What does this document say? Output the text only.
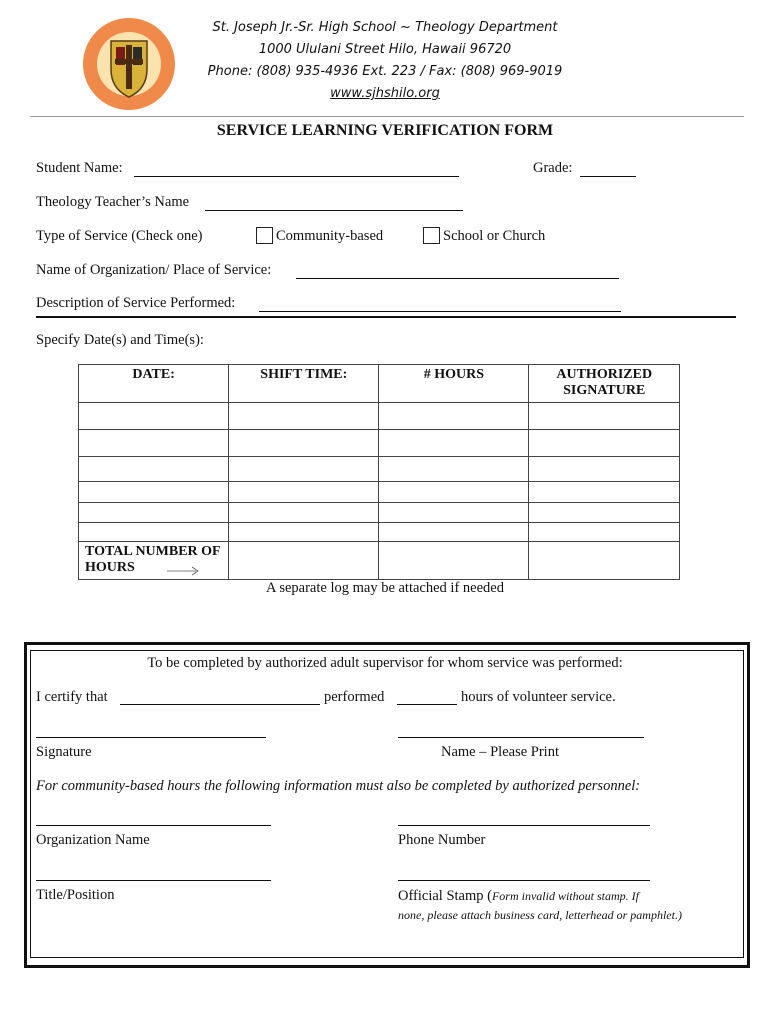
St. Joseph Jr.-Sr. High School ~ Theology Department
1000 Ululani Street Hilo, Hawaii 96720
Phone: (808) 935-4936 Ext. 223 / Fax: (808) 969-9019
www.sjhshilo.org
SERVICE LEARNING VERIFICATION FORM
Student Name:	Grade:
Theology Teacher’s Name
Type of Service (Check one)	Community-based	School or Church
Name of Organization/ Place of Service:
Description of Service Performed:
Specify Date(s) and Time(s):
DATE:	SHIFT TIME:	# HOURS	AUTHORIZED
SIGNATURE

TOTAL NUMBER OF
HOURS			

A separate log may be attached if needed
To be completed by authorized adult supervisor for whom service was performed:
I certify that	performed	hours of volunteer service.
Signature	Name – Please Print
For community-based hours the following information must also be completed by authorized personnel:
Organization Name	Phone Number
Title/Position	Official Stamp (Form invalid without stamp. If
none, please attach business card, letterhead or pamphlet.)
